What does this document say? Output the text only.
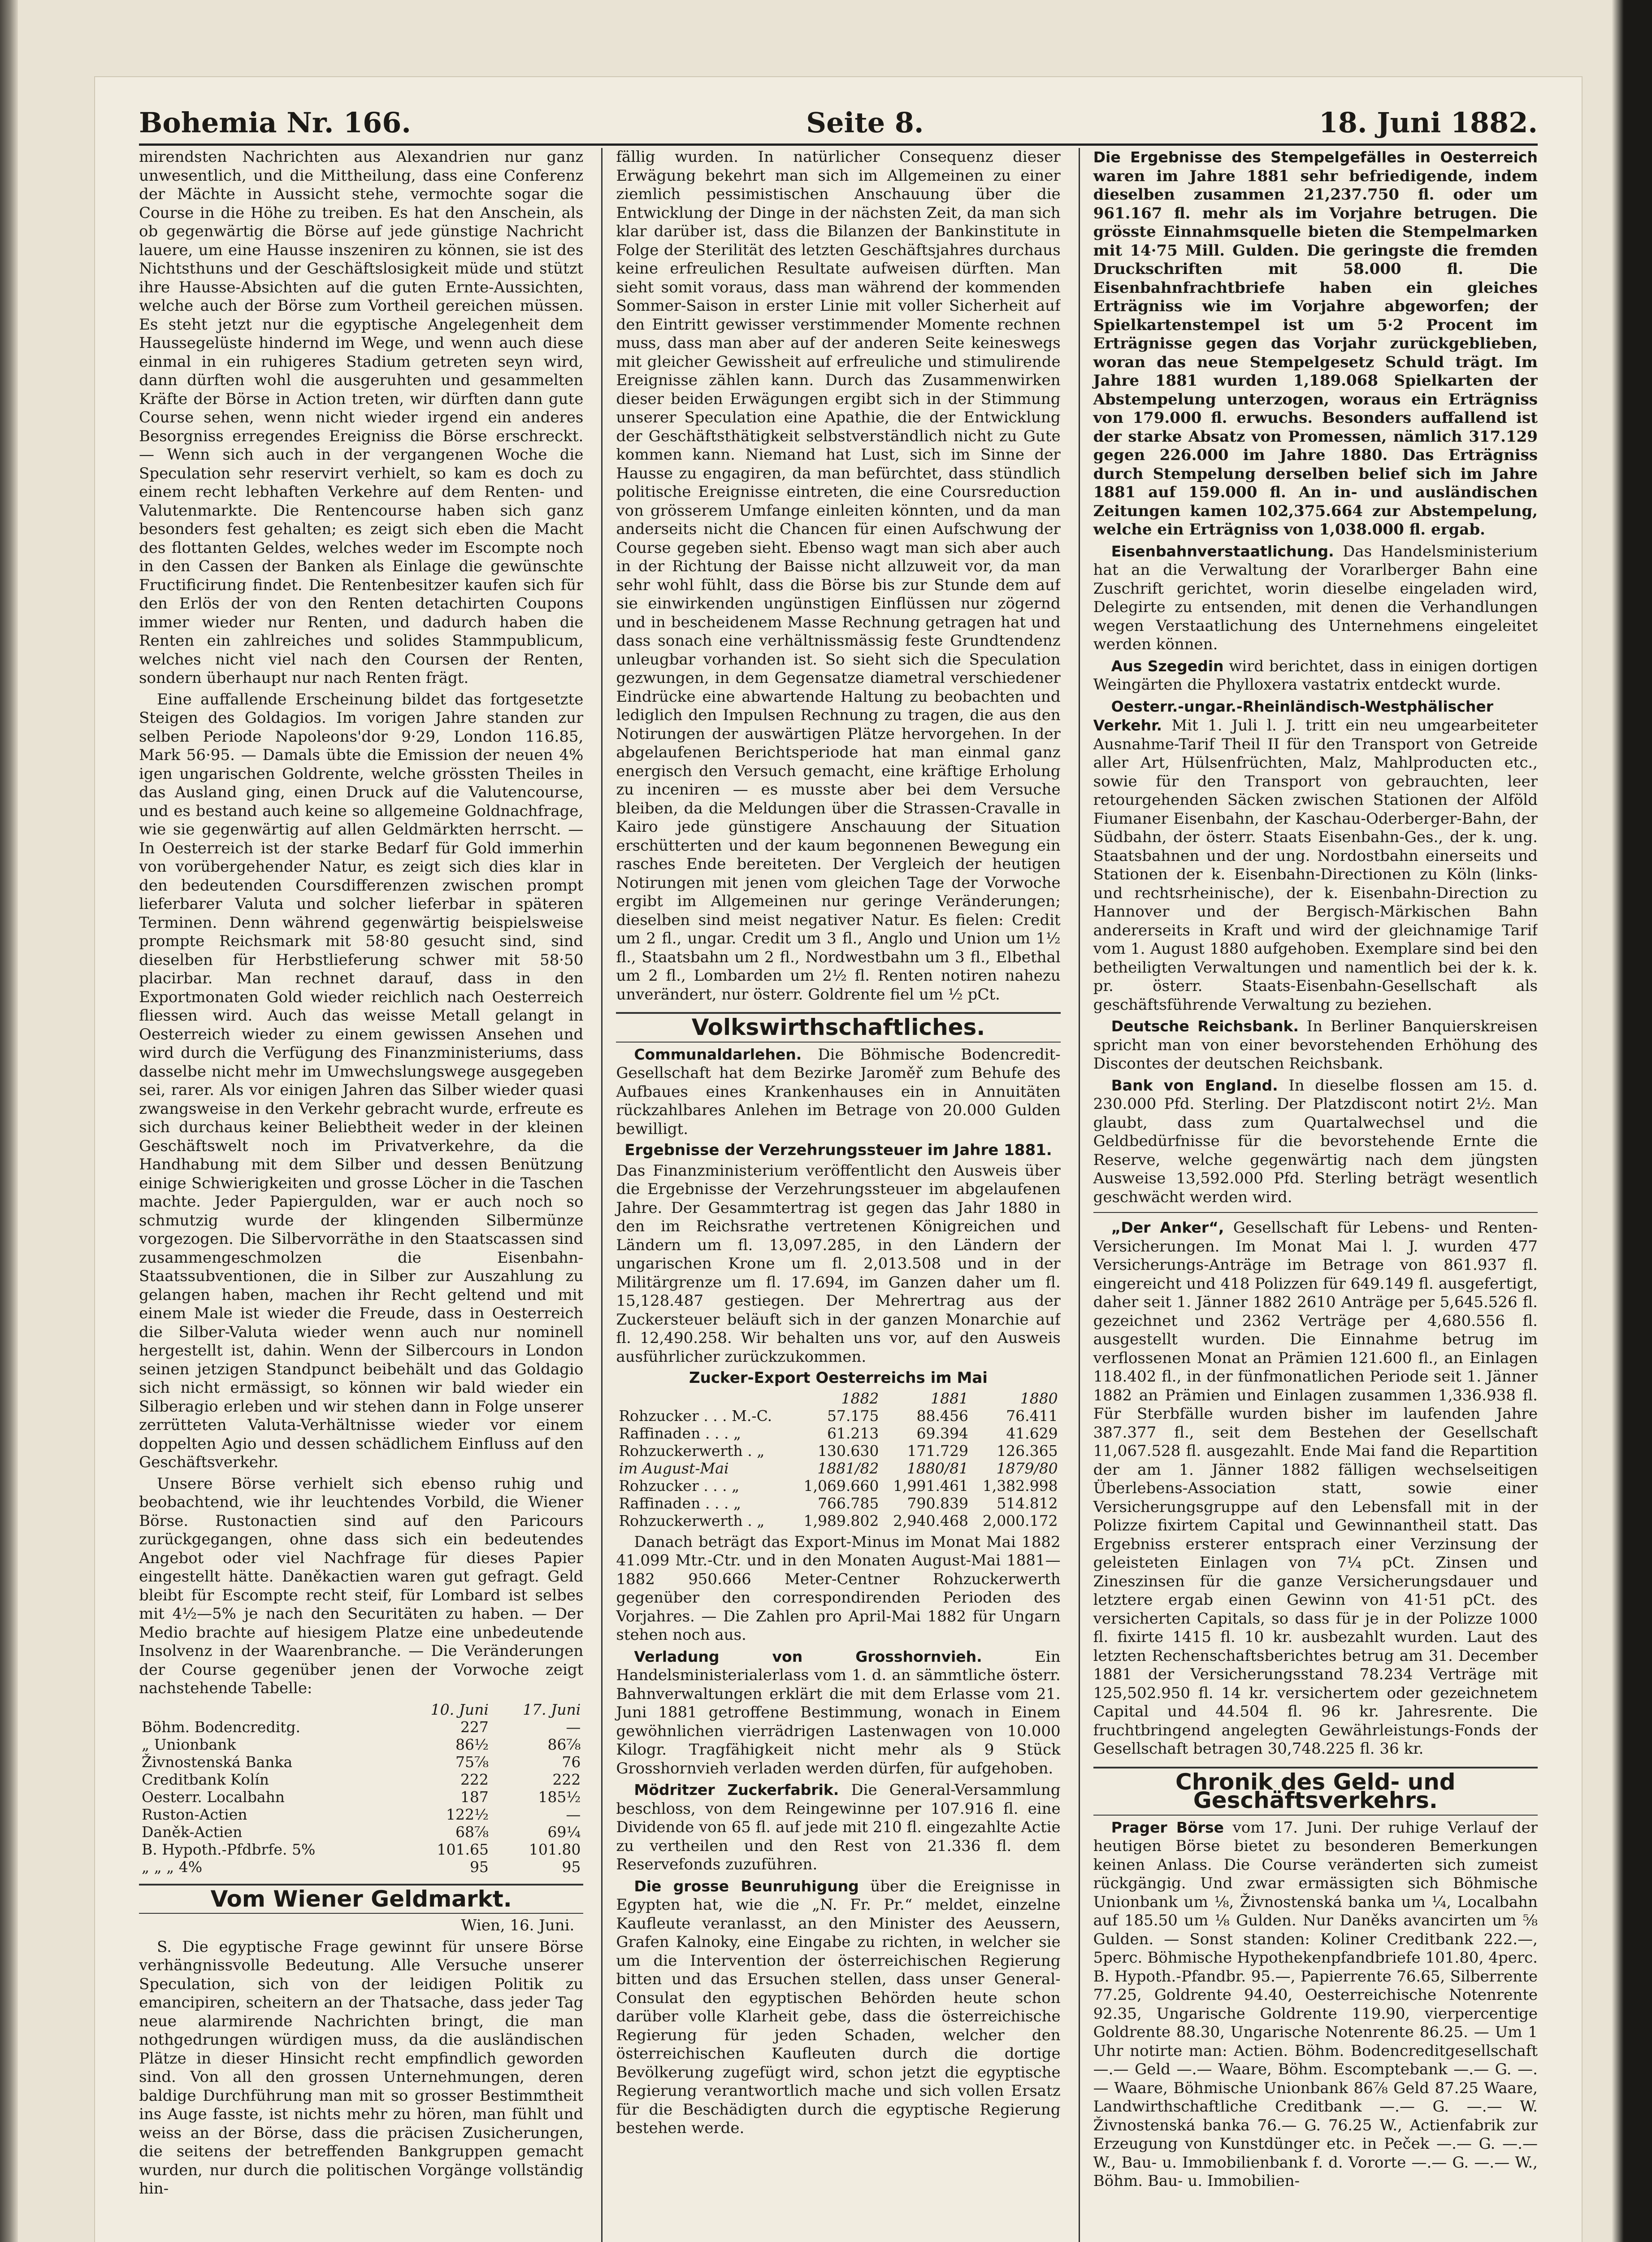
Bohemia Nr. 166.	Seite 8.	18. Juni 1882.

mirendsten Nachrichten aus Alexandrien nur ganz unwesentlich, und die Mittheilung, dass eine Conferenz der Mächte in Aussicht stehe, vermochte sogar die Course in die Höhe zu treiben. Es hat den Anschein, als ob gegenwärtig die Börse auf jede günstige Nachricht lauere, um eine Hausse inszeniren zu können, sie ist des Nichtsthuns und der Geschäftslosigkeit müde und stützt ihre Hausse-Absichten auf die guten Ernte-Aussichten, welche auch der Börse zum Vortheil gereichen müssen. Es steht jetzt nur die egyptische Angelegenheit dem Haussegelüste hindernd im Wege, und wenn auch diese einmal in ein ruhigeres Stadium getreten seyn wird, dann dürften wohl die ausgeruhten und gesammelten Kräfte der Börse in Action treten, wir dürften dann gute Course sehen, wenn nicht wieder irgend ein anderes Besorgniss erregendes Ereigniss die Börse erschreckt. — Wenn sich auch in der vergangenen Woche die Speculation sehr reservirt verhielt, so kam es doch zu einem recht lebhaften Verkehre auf dem Renten- und Valutenmarkte. Die Rentencourse haben sich ganz besonders fest gehalten; es zeigt sich eben die Macht des flottanten Geldes, welches weder im Escompte noch in den Cassen der Banken als Einlage die gewünschte Fructificirung findet. Die Rentenbesitzer kaufen sich für den Erlös der von den Renten detachirten Coupons immer wieder nur Renten, und dadurch haben die Renten ein zahlreiches und solides Stammpublicum, welches nicht viel nach den Coursen der Renten, sondern überhaupt nur nach Renten frägt.

Eine auffallende Erscheinung bildet das fortgesetzte Steigen des Goldagios. Im vorigen Jahre standen zur selben Periode Napoleons'dor 9·29, London 116.85, Mark 56·95. — Damals übte die Emission der neuen 4% igen ungarischen Goldrente, welche grössten Theiles in das Ausland ging, einen Druck auf die Valutencourse, und es bestand auch keine so allgemeine Goldnachfrage, wie sie gegenwärtig auf allen Geldmärkten herrscht. — In Oesterreich ist der starke Bedarf für Gold immerhin von vorübergehender Natur, es zeigt sich dies klar in den bedeutenden Coursdifferenzen zwischen prompt lieferbarer Valuta und solcher lieferbar in späteren Terminen. Denn während gegenwärtig beispielsweise prompte Reichsmark mit 58·80 gesucht sind, sind dieselben für Herbstlieferung schwer mit 58·50 placirbar. Man rechnet darauf, dass in den Exportmonaten Gold wieder reichlich nach Oesterreich fliessen wird. Auch das weisse Metall gelangt in Oesterreich wieder zu einem gewissen Ansehen und wird durch die Verfügung des Finanzministeriums, dass dasselbe nicht mehr im Umwechslungswege ausgegeben sei, rarer. Als vor einigen Jahren das Silber wieder quasi zwangsweise in den Verkehr gebracht wurde, erfreute es sich durchaus keiner Beliebtheit weder in der kleinen Geschäftswelt noch im Privatverkehre, da die Handhabung mit dem Silber und dessen Benützung einige Schwierigkeiten und grosse Löcher in die Taschen machte. Jeder Papiergulden, war er auch noch so schmutzig wurde der klingenden Silbermünze vorgezogen. Die Silbervorräthe in den Staatscassen sind zusammengeschmolzen die Eisenbahn-Staatssubventionen, die in Silber zur Auszahlung zu gelangen haben, machen ihr Recht geltend und mit einem Male ist wieder die Freude, dass in Oesterreich die Silber-Valuta wieder wenn auch nur nominell hergestellt ist, dahin. Wenn der Silbercours in London seinen jetzigen Standpunct beibehält und das Goldagio sich nicht ermässigt, so können wir bald wieder ein Silberagio erleben und wir stehen dann in Folge unserer zerrütteten Valuta-Verhältnisse wieder vor einem doppelten Agio und dessen schädlichem Einfluss auf den Geschäftsverkehr.

Unsere Börse verhielt sich ebenso ruhig und beobachtend, wie ihr leuchtendes Vorbild, die Wiener Börse. Rustonactien sind auf den Paricours zurückgegangen, ohne dass sich ein bedeutendes Angebot oder viel Nachfrage für dieses Papier eingestellt hätte. Daněkactien waren gut gefragt. Geld bleibt für Escompte recht steif, für Lombard ist selbes mit 4½—5% je nach den Securitäten zu haben. — Der Medio brachte auf hiesigem Platze eine unbedeutende Insolvenz in der Waarenbranche. — Die Veränderungen der Course gegenüber jenen der Vorwoche zeigt nachstehende Tabelle:

	10. Juni	17. Juni
Böhm. Bodencreditg.	227	—
„ Unionbank	86½	86⅞
Živnostenská Banka	75⅞	76
Creditbank Kolín	222	222
Oesterr. Localbahn	187	185½
Ruston-Actien	122½	—
Daněk-Actien	68⅞	69¼
B. Hypoth.-Pfdbrfe. 5%	101.65	101.80
„ „ „ 4%	95	95
Vom Wiener Geldmarkt.
Wien, 16. Juni.

S. Die egyptische Frage gewinnt für unsere Börse verhängnissvolle Bedeutung. Alle Versuche unserer Speculation, sich von der leidigen Politik zu emancipiren, scheitern an der Thatsache, dass jeder Tag neue alarmirende Nachrichten bringt, die man nothgedrungen würdigen muss, da die ausländischen Plätze in dieser Hinsicht recht empfindlich geworden sind. Von all den grossen Unternehmungen, deren baldige Durchführung man mit so grosser Bestimmtheit ins Auge fasste, ist nichts mehr zu hören, man fühlt und weiss an der Börse, dass die präcisen Zusicherungen, die seitens der betreffenden Bankgruppen gemacht wurden, nur durch die politischen Vorgänge vollständig hin-

fällig wurden. In natürlicher Consequenz dieser Erwägung bekehrt man sich im Allgemeinen zu einer ziemlich pessimistischen Anschauung über die Entwicklung der Dinge in der nächsten Zeit, da man sich klar darüber ist, dass die Bilanzen der Bankinstitute in Folge der Sterilität des letzten Geschäftsjahres durchaus keine erfreulichen Resultate aufweisen dürften. Man sieht somit voraus, dass man während der kommenden Sommer-Saison in erster Linie mit voller Sicherheit auf den Eintritt gewisser verstimmender Momente rechnen muss, dass man aber auf der anderen Seite keineswegs mit gleicher Gewissheit auf erfreuliche und stimulirende Ereignisse zählen kann. Durch das Zusammenwirken dieser beiden Erwägungen ergibt sich in der Stimmung unserer Speculation eine Apathie, die der Entwicklung der Geschäftsthätigkeit selbstverständlich nicht zu Gute kommen kann. Niemand hat Lust, sich im Sinne der Hausse zu engagiren, da man befürchtet, dass stündlich politische Ereignisse eintreten, die eine Coursreduction von grösserem Umfange einleiten könnten, und da man anderseits nicht die Chancen für einen Aufschwung der Course gegeben sieht. Ebenso wagt man sich aber auch in der Richtung der Baisse nicht allzuweit vor, da man sehr wohl fühlt, dass die Börse bis zur Stunde dem auf sie einwirkenden ungünstigen Einflüssen nur zögernd und in bescheidenem Masse Rechnung getragen hat und dass sonach eine verhältnissmässig feste Grundtendenz unleugbar vorhanden ist. So sieht sich die Speculation gezwungen, in dem Gegensatze diametral verschiedener Eindrücke eine abwartende Haltung zu beobachten und lediglich den Impulsen Rechnung zu tragen, die aus den Notirungen der auswärtigen Plätze hervorgehen. In der abgelaufenen Berichtsperiode hat man einmal ganz energisch den Versuch gemacht, eine kräftige Erholung zu inceniren — es musste aber bei dem Versuche bleiben, da die Meldungen über die Strassen-Cravalle in Kairo jede günstigere Anschauung der Situation erschütterten und der kaum begonnenen Bewegung ein rasches Ende bereiteten. Der Vergleich der heutigen Notirungen mit jenen vom gleichen Tage der Vorwoche ergibt im Allgemeinen nur geringe Veränderungen; dieselben sind meist negativer Natur. Es fielen: Credit um 2 fl., ungar. Credit um 3 fl., Anglo und Union um 1½ fl., Staatsbahn um 2 fl., Nordwestbahn um 3 fl., Elbethal um 2 fl., Lombarden um 2½ fl. Renten notiren nahezu unverändert, nur österr. Goldrente fiel um ½ pCt.

Volkswirthschaftliches.

Communaldarlehen. Die Böhmische Bodencredit-Gesellschaft hat dem Bezirke Jaroměř zum Behufe des Aufbaues eines Krankenhauses ein in Annuitäten rückzahlbares Anlehen im Betrage von 20.000 Gulden bewilligt.

Ergebnisse der Verzehrungssteuer im Jahre 1881.

Das Finanzministerium veröffentlicht den Ausweis über die Ergebnisse der Verzehrungssteuer im abgelaufenen Jahre. Der Gesammtertrag ist gegen das Jahr 1880 in den im Reichsrathe vertretenen Königreichen und Ländern um fl. 13,097.285, in den Ländern der ungarischen Krone um fl. 2,013.508 und in der Militärgrenze um fl. 17.694, im Ganzen daher um fl. 15,128.487 gestiegen. Der Mehrertrag aus der Zuckersteuer beläuft sich in der ganzen Monarchie auf fl. 12,490.258. Wir behalten uns vor, auf den Ausweis ausführlicher zurückzukommen.

Zucker-Export Oesterreichs im Mai
	1882	1881	1880
Rohzucker . . . M.-C.	57.175	88.456	76.411
Raffinaden . . . „	61.213	69.394	41.629
Rohzuckerwerth . „	130.630	171.729	126.365
im August-Mai	1881/82	1880/81	1879/80
Rohzucker . . . „	1,069.660	1,991.461	1,382.998
Raffinaden . . . „	766.785	790.839	514.812
Rohzuckerwerth . „	1,989.802	2,940.468	2,000.172

Danach beträgt das Export-Minus im Monat Mai 1882 41.099 Mtr.-Ctr. und in den Monaten August-Mai 1881—1882 950.666 Meter-Centner Rohzuckerwerth gegenüber den correspondirenden Perioden des Vorjahres. — Die Zahlen pro April-Mai 1882 für Ungarn stehen noch aus.

Verladung von Grosshornvieh.	Ein Handelsministerialerlass vom 1. d. an sämmtliche österr. Bahnverwaltungen erklärt die mit dem Erlasse vom 21. Juni 1881 getroffene Bestimmung, wonach in Einem gewöhnlichen vierrädrigen Lastenwagen von 10.000 Kilogr. Tragfähigkeit nicht mehr als 9 Stück Grosshornvieh verladen werden dürfen, für aufgehoben.

Mödritzer Zuckerfabrik. Die General-Versammlung beschloss, von dem Reingewinne per 107.916 fl. eine Dividende von 65 fl. auf jede mit 210 fl. eingezahlte Actie zu vertheilen und den Rest von 21.336 fl. dem Reservefonds zuzuführen.

Die grosse Beunruhigung über die Ereignisse in Egypten hat, wie die „N. Fr. Pr.“ meldet, einzelne Kaufleute veranlasst, an den Minister des Aeussern, Grafen Kalnoky, eine Eingabe zu richten, in welcher sie um die Intervention der österreichischen Regierung bitten und das Ersuchen stellen, dass unser General-Consulat den egyptischen Behörden heute schon darüber volle Klarheit gebe, dass die österreichische Regierung für jeden Schaden, welcher den österreichischen Kaufleuten durch die dortige Bevölkerung zugefügt wird, schon jetzt die egyptische Regierung verantwortlich mache und sich vollen Ersatz für die Beschädigten durch die egyptische Regierung bestehen werde.

Die Ergebnisse des Stempelgefälles in Oesterreich waren im Jahre 1881 sehr befriedigende, indem dieselben zusammen 21,237.750 fl. oder um 961.167 fl. mehr als im Vorjahre betrugen. Die grösste Einnahmsquelle bieten die Stempelmarken mit 14·75 Mill. Gulden. Die geringste die fremden Druckschriften mit 58.000 fl. Die Eisenbahnfrachtbriefe haben ein gleiches Erträgniss wie im Vorjahre abgeworfen; der Spielkartenstempel ist um 5·2 Procent im Erträgnisse gegen das Vorjahr zurückgeblieben, woran das neue Stempelgesetz Schuld trägt. Im Jahre 1881 wurden 1,189.068 Spielkarten der Abstempelung unterzogen, woraus ein Erträgniss von 179.000 fl. erwuchs. Besonders auffallend ist der starke Absatz von Promessen, nämlich 317.129 gegen 226.000 im Jahre 1880. Das Erträgniss durch Stempelung derselben belief sich im Jahre 1881 auf 159.000 fl. An in- und ausländischen Zeitungen kamen 102,375.664 zur Abstempelung, welche ein Erträgniss von 1,038.000 fl. ergab.

Eisenbahnverstaatlichung. Das Handelsministerium hat an die Verwaltung der Vorarlberger Bahn eine Zuschrift gerichtet, worin dieselbe eingeladen wird, Delegirte zu entsenden, mit denen die Verhandlungen wegen Verstaatlichung des Unternehmens eingeleitet werden können.

Aus Szegedin wird berichtet, dass in einigen dortigen Weingärten die Phylloxera vastatrix entdeckt wurde.

Oesterr.-ungar.-Rheinländisch-Westphälischer Verkehr. Mit 1. Juli l. J. tritt ein neu umgearbeiteter Ausnahme-Tarif Theil II für den Transport von Getreide aller Art, Hülsenfrüchten, Malz, Mahlproducten etc., sowie für den Transport von gebrauchten, leer retourgehenden Säcken zwischen Stationen der Alföld Fiumaner Eisenbahn, der Kaschau-Oderberger-Bahn, der Südbahn, der österr. Staats Eisenbahn-Ges., der k. ung. Staatsbahnen und der ung. Nordostbahn einerseits und Stationen der k. Eisenbahn-Directionen zu Köln (links- und rechtsrheinische), der k. Eisenbahn-Direction zu Hannover und der Bergisch-Märkischen Bahn andererseits in Kraft und wird der gleichnamige Tarif vom 1. August 1880 aufgehoben. Exemplare sind bei den betheiligten Verwaltungen und namentlich bei der k. k. pr. österr. Staats-Eisenbahn-Gesellschaft als geschäftsführende Verwaltung zu beziehen.

Deutsche Reichsbank. In Berliner Banquierskreisen spricht man von einer bevorstehenden Erhöhung des Discontes der deutschen Reichsbank.

Bank von England. In dieselbe flossen am 15. d. 230.000 Pfd. Sterling. Der Platzdiscont notirt 2½. Man glaubt, dass zum Quartalwechsel und die Geldbedürfnisse für die bevorstehende Ernte die Reserve, welche gegenwärtig nach dem jüngsten Ausweise 13,592.000 Pfd. Sterling beträgt wesentlich geschwächt werden wird.

„Der Anker“, Gesellschaft für Lebens- und Renten-Versicherungen. Im Monat Mai l. J. wurden 477 Versicherungs-Anträge im Betrage von 861.937 fl. eingereicht und 418 Polizzen für 649.149 fl. ausgefertigt, daher seit 1. Jänner 1882 2610 Anträge per 5,645.526 fl. gezeichnet und 2362 Verträge per 4,680.556 fl. ausgestellt wurden. Die Einnahme betrug im verflossenen Monat an Prämien 121.600 fl., an Einlagen 118.402 fl., in der fünfmonatlichen Periode seit 1. Jänner 1882 an Prämien und Einlagen zusammen 1,336.938 fl. Für Sterbfälle wurden bisher im laufenden Jahre 387.377 fl., seit dem Bestehen der Gesellschaft 11,067.528 fl. ausgezahlt. Ende Mai fand die Repartition der am 1. Jänner 1882 fälligen wechselseitigen Überlebens-Association statt, sowie einer Versicherungsgruppe auf den Lebensfall mit in der Polizze fixirtem Capital und Gewinnantheil statt. Das Ergebniss ersterer entsprach einer Verzinsung der geleisteten Einlagen von 7¼ pCt. Zinsen und Zineszinsen für die ganze Versicherungsdauer und letztere ergab einen Gewinn von 41·51 pCt. des versicherten Capitals, so dass für je in der Polizze 1000 fl. fixirte 1415 fl. 10 kr. ausbezahlt wurden. Laut des letzten Rechenschaftsberichtes betrug am 31. December 1881 der Versicherungsstand 78.234 Verträge mit 125,502.950 fl. 14 kr. versichertem oder gezeichnetem Capital und 44.504 fl. 96 kr. Jahresrente. Die fruchtbringend angelegten Gewährleistungs-Fonds der Gesellschaft betragen 30,748.225 fl. 36 kr.

Chronik des Geld- und Geschäftsverkehrs.

Prager Börse vom 17. Juni. Der ruhige Verlauf der heutigen Börse bietet zu besonderen Bemerkungen keinen Anlass. Die Course veränderten sich zumeist rückgängig. Und zwar ermässigten sich Böhmische Unionbank um ⅛, Živnostenská banka um ¼, Localbahn auf 185.50 um ⅛ Gulden. Nur Daněks avancirten um ⅝ Gulden. — Sonst standen: Koliner Creditbank 222.—, 5perc. Böhmische Hypothekenpfandbriefe 101.80, 4perc. B. Hypoth.-Pfandbr. 95.—, Papierrente 76.65, Silberrente 77.25, Goldrente 94.40, Oesterreichische Notenrente 92.35, Ungarische Goldrente 119.90, vierpercentige Goldrente 88.30, Ungarische Notenrente 86.25. — Um 1 Uhr notirte man: Actien. Böhm. Bodencreditgesellschaft —.— Geld —.— Waare, Böhm. Escomptebank —.— G. —.— Waare, Böhmische Unionbank 86⅞ Geld 87.25 Waare, Landwirthschaftliche Creditbank —.— G. —.— W. Živnostenská banka 76.— G. 76.25 W., Actienfabrik zur Erzeugung von Kunstdünger etc. in Peček —.— G. —.— W., Bau- u. Immobilienbank f. d. Vororte —.— G. —.— W., Böhm. Bau- u. Immobilien-
